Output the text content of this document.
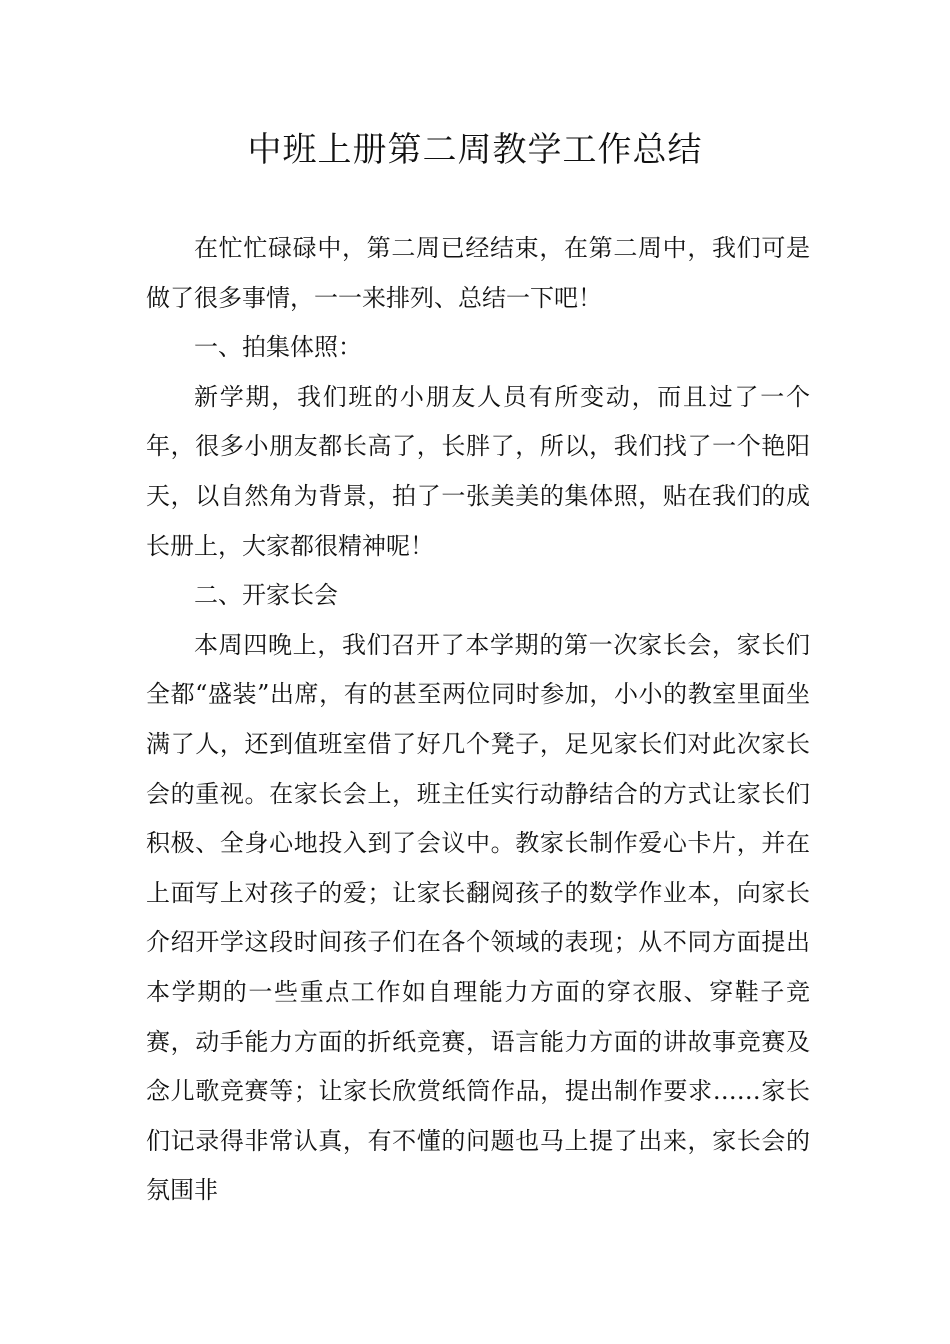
中班上册第二周教学工作总结

在忙忙碌碌中，第二周已经结束，在第二周中，我们可是做了很多事情，一一来排列、总结一下吧！

一、拍集体照：

新学期，我们班的小朋友人员有所变动，而且过了一个年，很多小朋友都长高了，长胖了，所以，我们找了一个艳阳天，以自然角为背景，拍了一张美美的集体照，贴在我们的成长册上，大家都很精神呢！

二、开家长会

本周四晚上，我们召开了本学期的第一次家长会，家长们全都“盛装”出席，有的甚至两位同时参加，小小的教室里面坐满了人，还到值班室借了好几个凳子，足见家长们对此次家长会的重视。在家长会上，班主任实行动静结合的方式让家长们积极、全身心地投入到了会议中。教家长制作爱心卡片，并在上面写上对孩子的爱；让家长翻阅孩子的数学作业本，向家长介绍开学这段时间孩子们在各个领域的表现；从不同方面提出本学期的一些重点工作如自理能力方面的穿衣服、穿鞋子竞赛，动手能力方面的折纸竞赛，语言能力方面的讲故事竞赛及念儿歌竞赛等；让家长欣赏纸筒作品，提出制作要求……家长们记录得非常认真，有不懂的问题也马上提了出来，家长会的氛围非
